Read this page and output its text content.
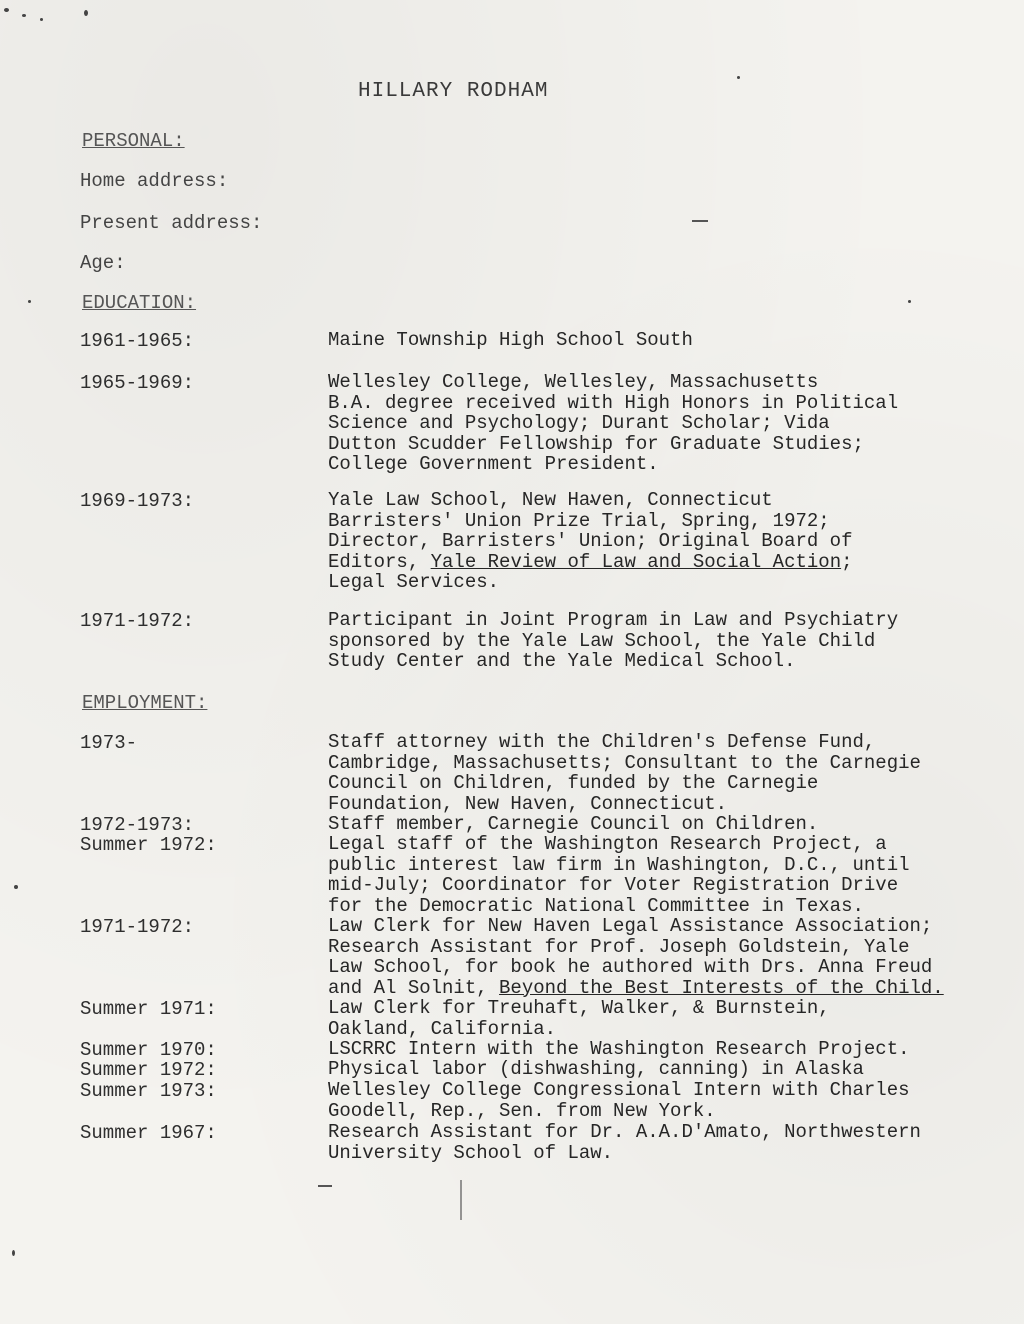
HILLARY RODHAM
PERSONAL:
Home address:
Present address:
Age:
EDUCATION:
1961-1965:	Maine Township High School South
1965-1969:	Wellesley College, Wellesley, Massachusetts
B.A. degree received with High Honors in Political
Science and Psychology; Durant Scholar; Vida
Dutton Scudder Fellowship for Graduate Studies;
College Government President.
1969-1973:	Yale Law School, New Haven, Connecticut
Barristers' Union Prize Trial, Spring, 1972;
Director, Barristers' Union; Original Board of
Editors, Yale Review of Law and Social Action;
Legal Services.
1971-1972:	Participant in Joint Program in Law and Psychiatry
sponsored by the Yale Law School, the Yale Child
Study Center and the Yale Medical School.
EMPLOYMENT:
1973-	Staff attorney with the Children's Defense Fund,
Cambridge, Massachusetts; Consultant to the Carnegie
Council on Children, funded by the Carnegie
Foundation, New Haven, Connecticut.
1972-1973:	Staff member, Carnegie Council on Children.
Summer 1972:	Legal staff of the Washington Research Project, a
public interest law firm in Washington, D.C., until
mid-July; Coordinator for Voter Registration Drive
for the Democratic National Committee in Texas.
1971-1972:	Law Clerk for New Haven Legal Assistance Association;
Research Assistant for Prof. Joseph Goldstein, Yale
Law School, for book he authored with Drs. Anna Freud
and Al Solnit, Beyond the Best Interests of the Child.
Summer 1971:	Law Clerk for Treuhaft, Walker, & Burnstein,
Oakland, California.
Summer 1970:	LSCRRC Intern with the Washington Research Project.
Summer 1972:	Physical labor (dishwashing, canning) in Alaska
Summer 1973:	Wellesley College Congressional Intern with Charles
Goodell, Rep., Sen. from New York.
Summer 1967:	Research Assistant for Dr. A.A.D'Amato, Northwestern
University School of Law.
